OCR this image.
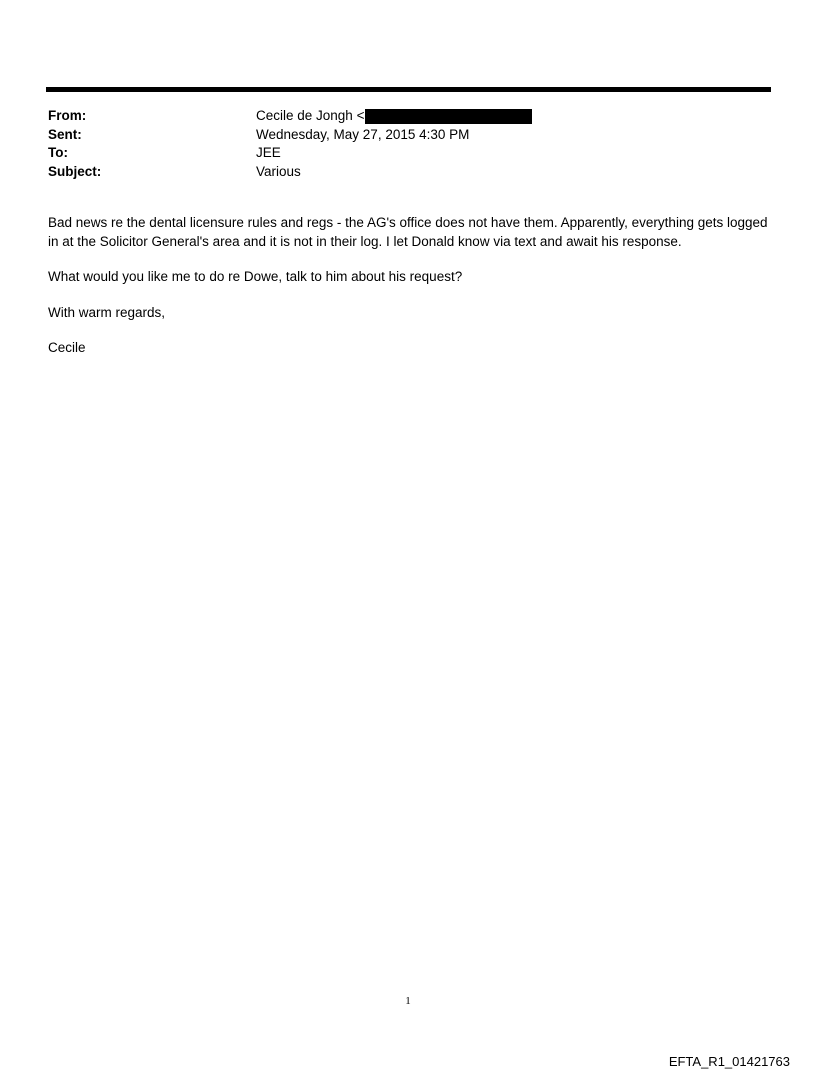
From:	Cecile de Jongh <
Sent:	Wednesday, May 27, 2015 4:30 PM
To:	JEE
Subject:	Various

Bad news re the dental licensure rules and regs - the AG's office does not have them. Apparently, everything gets logged in at the Solicitor General's area and it is not in their log. I let Donald know via text and await his response.

What would you like me to do re Dowe, talk to him about his request?

With warm regards,

Cecile

1
EFTA_R1_01421763
